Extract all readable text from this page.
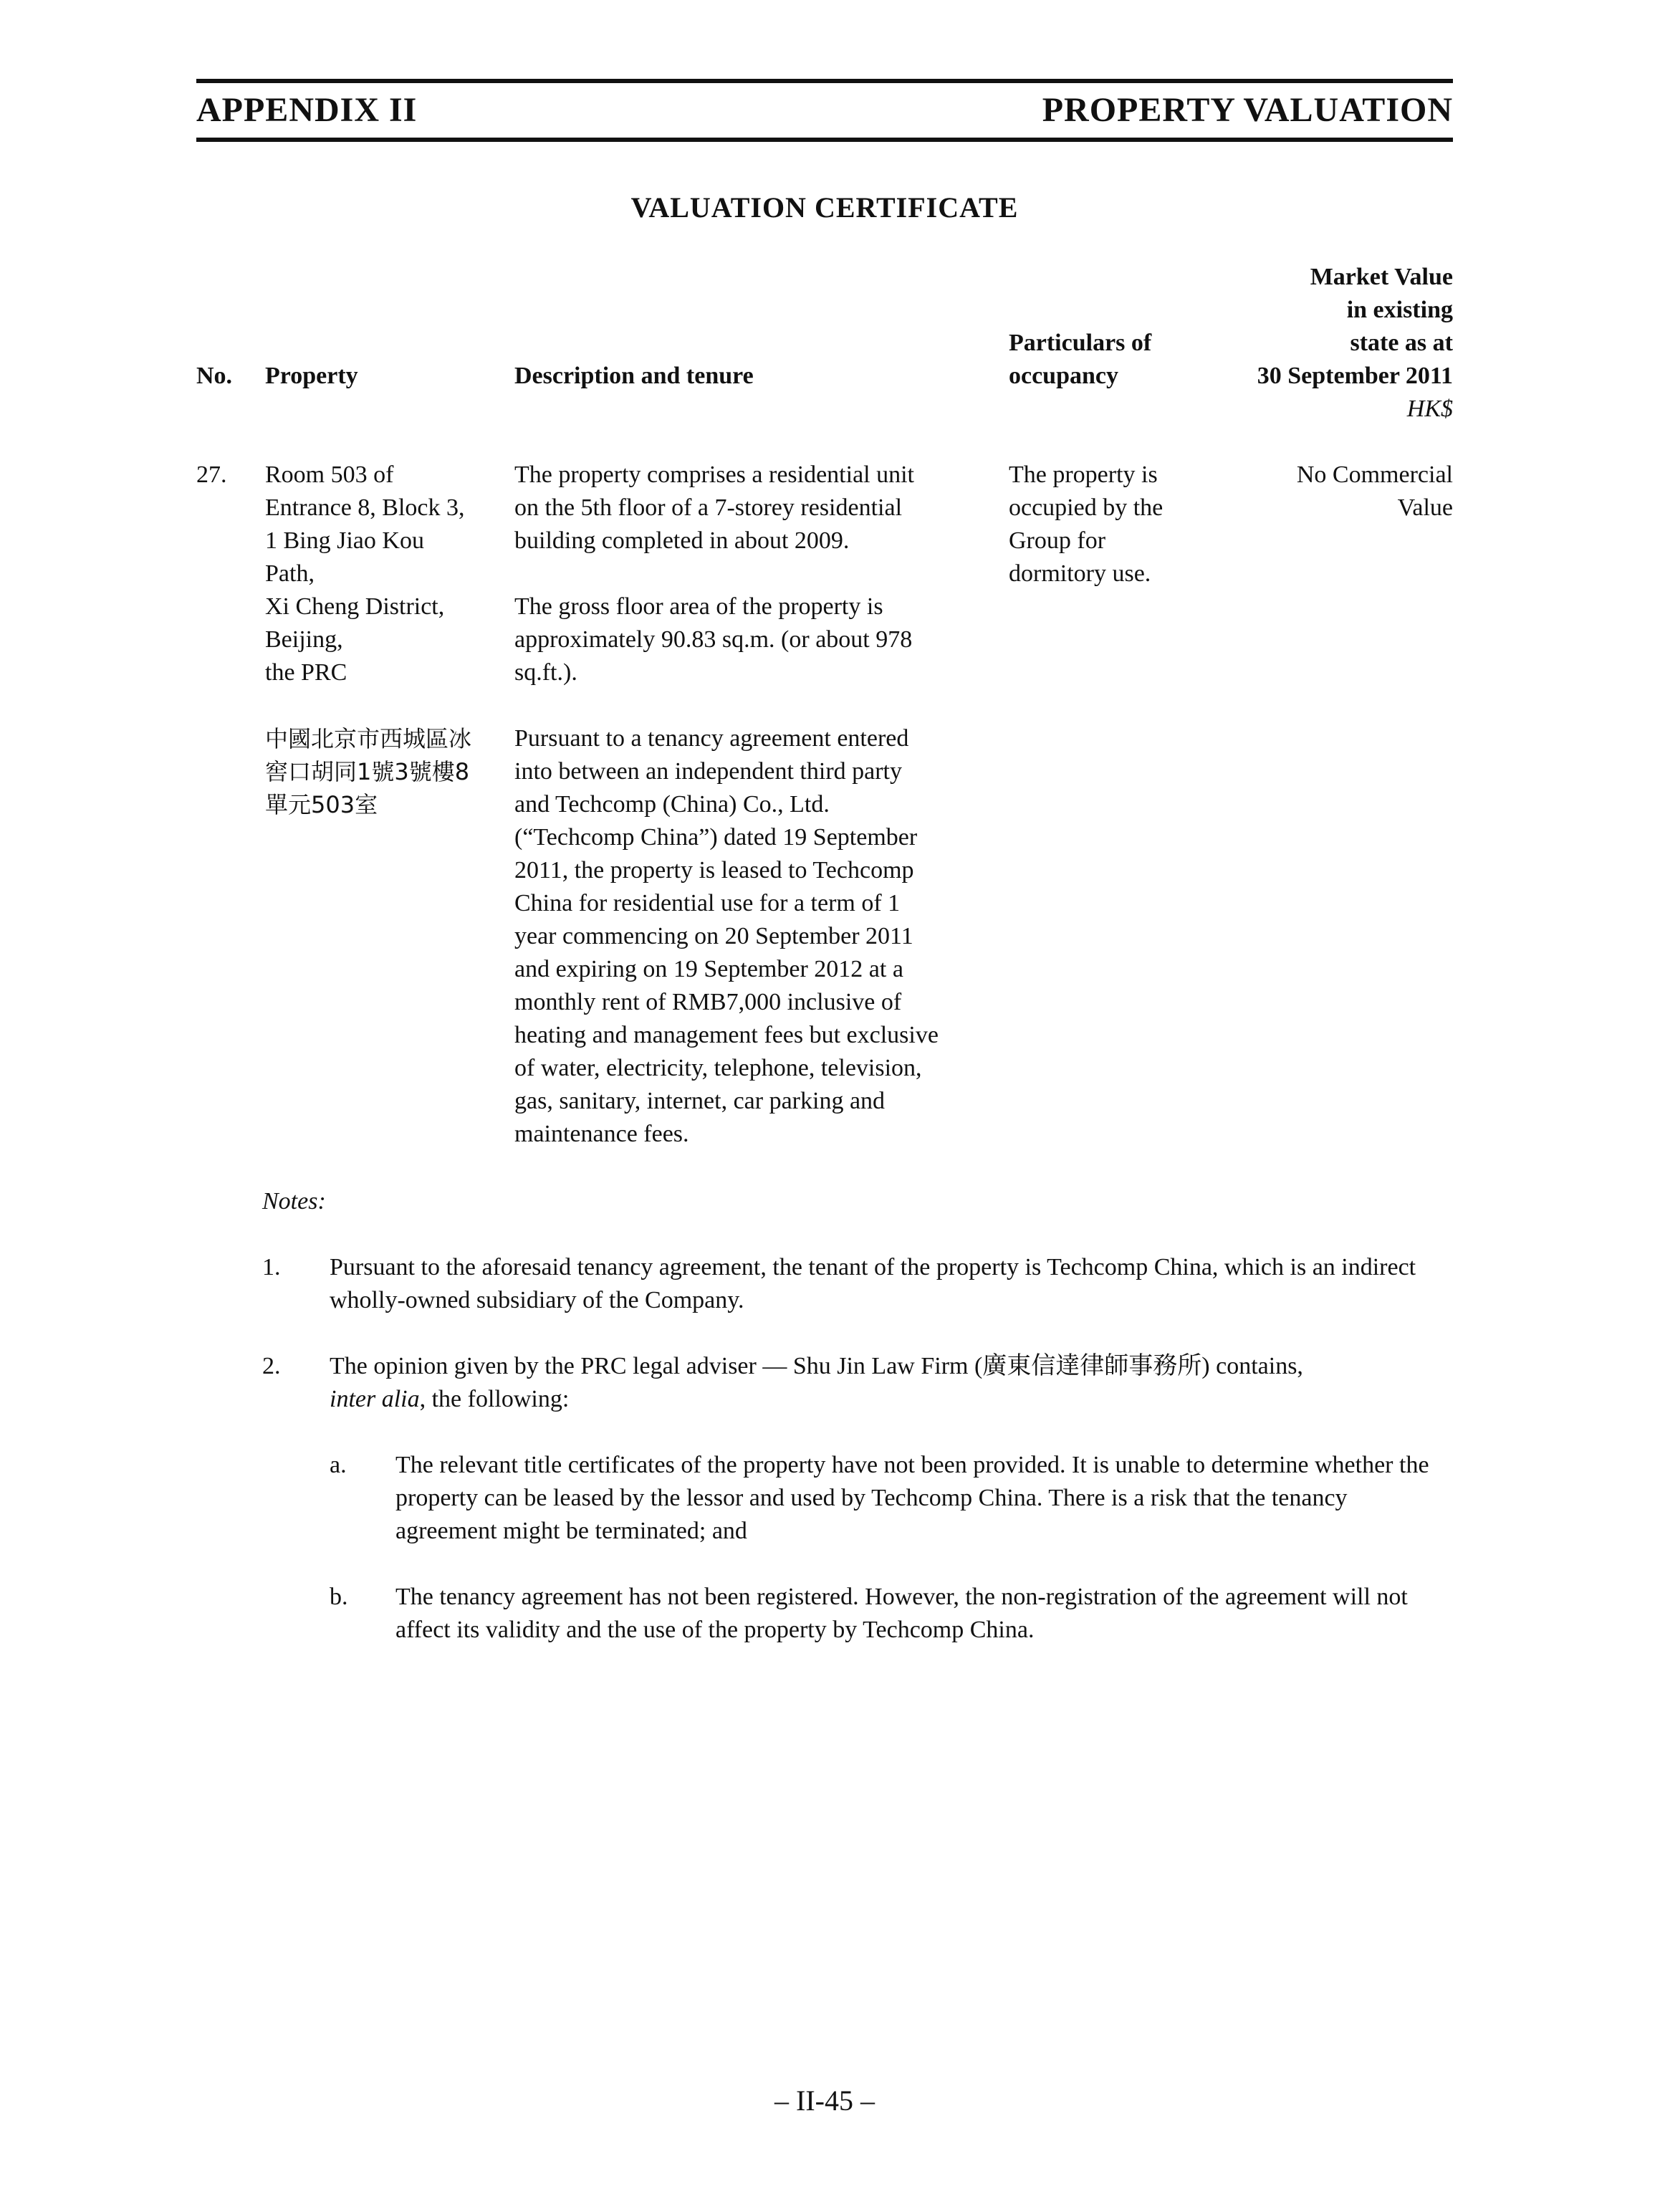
APPENDIX II	PROPERTY VALUATION
VALUATION CERTIFICATE
No. Property	Description and tenure
Particulars of
occupancy
Market Value
in existing
state as at
30 September 2011
HK$
27. Room 503 of
Entrance 8, Block 3,
1 Bing Jiao Kou
Path,
Xi Cheng District,
Beijing,
the PRC
中國北京市西城區冰
窖口胡同1號3號樓8
單元503室
The property comprises a residential unit
on the 5th floor of a 7-storey residential
building completed in about 2009.
The gross floor area of the property is
approximately 90.83 sq.m. (or about 978
sq.ft.).
Pursuant to a tenancy agreement entered
into between an independent third party
and Techcomp (China) Co., Ltd.
(“Techcomp China”) dated 19 September
2011, the property is leased to Techcomp
China for residential use for a term of 1
year commencing on 20 September 2011
and expiring on 19 September 2012 at a
monthly rent of RMB7,000 inclusive of
heating and management fees but exclusive
of water, electricity, telephone, television,
gas, sanitary, internet, car parking and
maintenance fees.
The property is
occupied by the
Group for
dormitory use.
No Commercial
Value
Notes:
1. Pursuant to the aforesaid tenancy agreement, the tenant of the property is Techcomp China, which is an indirect wholly-owned subsidiary of the Company.
2. The opinion given by the PRC legal adviser — Shu Jin Law Firm (廣東信達律師事務所) contains,
inter alia, the following:
a. The relevant title certificates of the property have not been provided. It is unable to determine whether the property can be leased by the lessor and used by Techcomp China. There is a risk that the tenancy agreement might be terminated; and
b. The tenancy agreement has not been registered. However, the non-registration of the agreement will not affect its validity and the use of the property by Techcomp China.
– II-45 –
